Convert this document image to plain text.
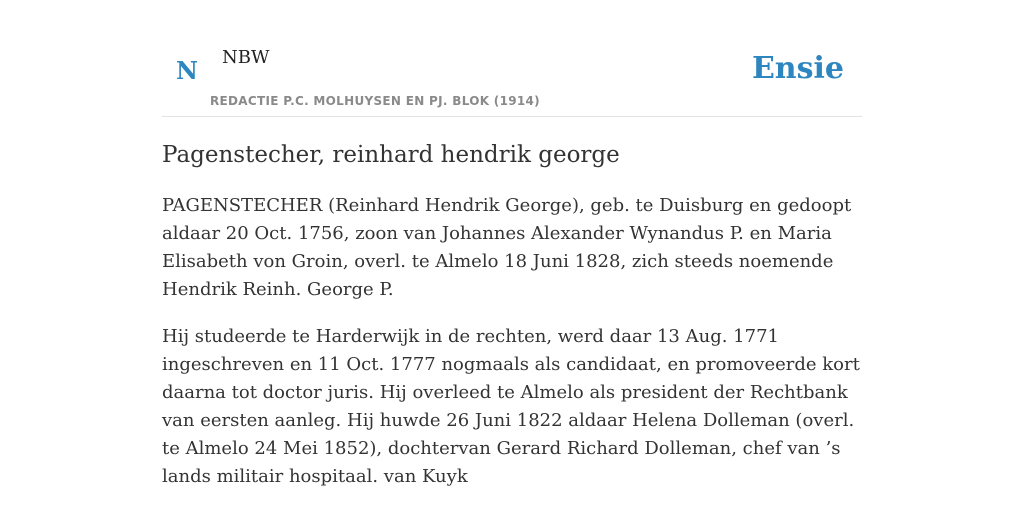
N NBW
REDACTIE P.C. MOLHUYSEN EN PJ. BLOK (1914)
Ensie
Pagenstecher, reinhard hendrik george

PAGENSTECHER (Reinhard Hendrik George), geb. te Duisburg en gedoopt aldaar 20 Oct. 1756, zoon van Johannes Alexander Wynandus P. en Maria Elisabeth von Groin, overl. te Almelo 18 Juni 1828, zich steeds noemende Hendrik Reinh. George P.

Hij studeerde te Harderwijk in de rechten, werd daar 13 Aug. 1771 ingeschreven en 11 Oct. 1777 nogmaals als candidaat, en promoveerde kort daarna tot doctor juris. Hij overleed te Almelo als president der Rechtbank van eersten aanleg. Hij huwde 26 Juni 1822 aldaar Helena Dolleman (overl. te Almelo 24 Mei 1852), dochtervan Gerard Richard Dolleman, chef van ’s lands militair hospitaal. van Kuyk
